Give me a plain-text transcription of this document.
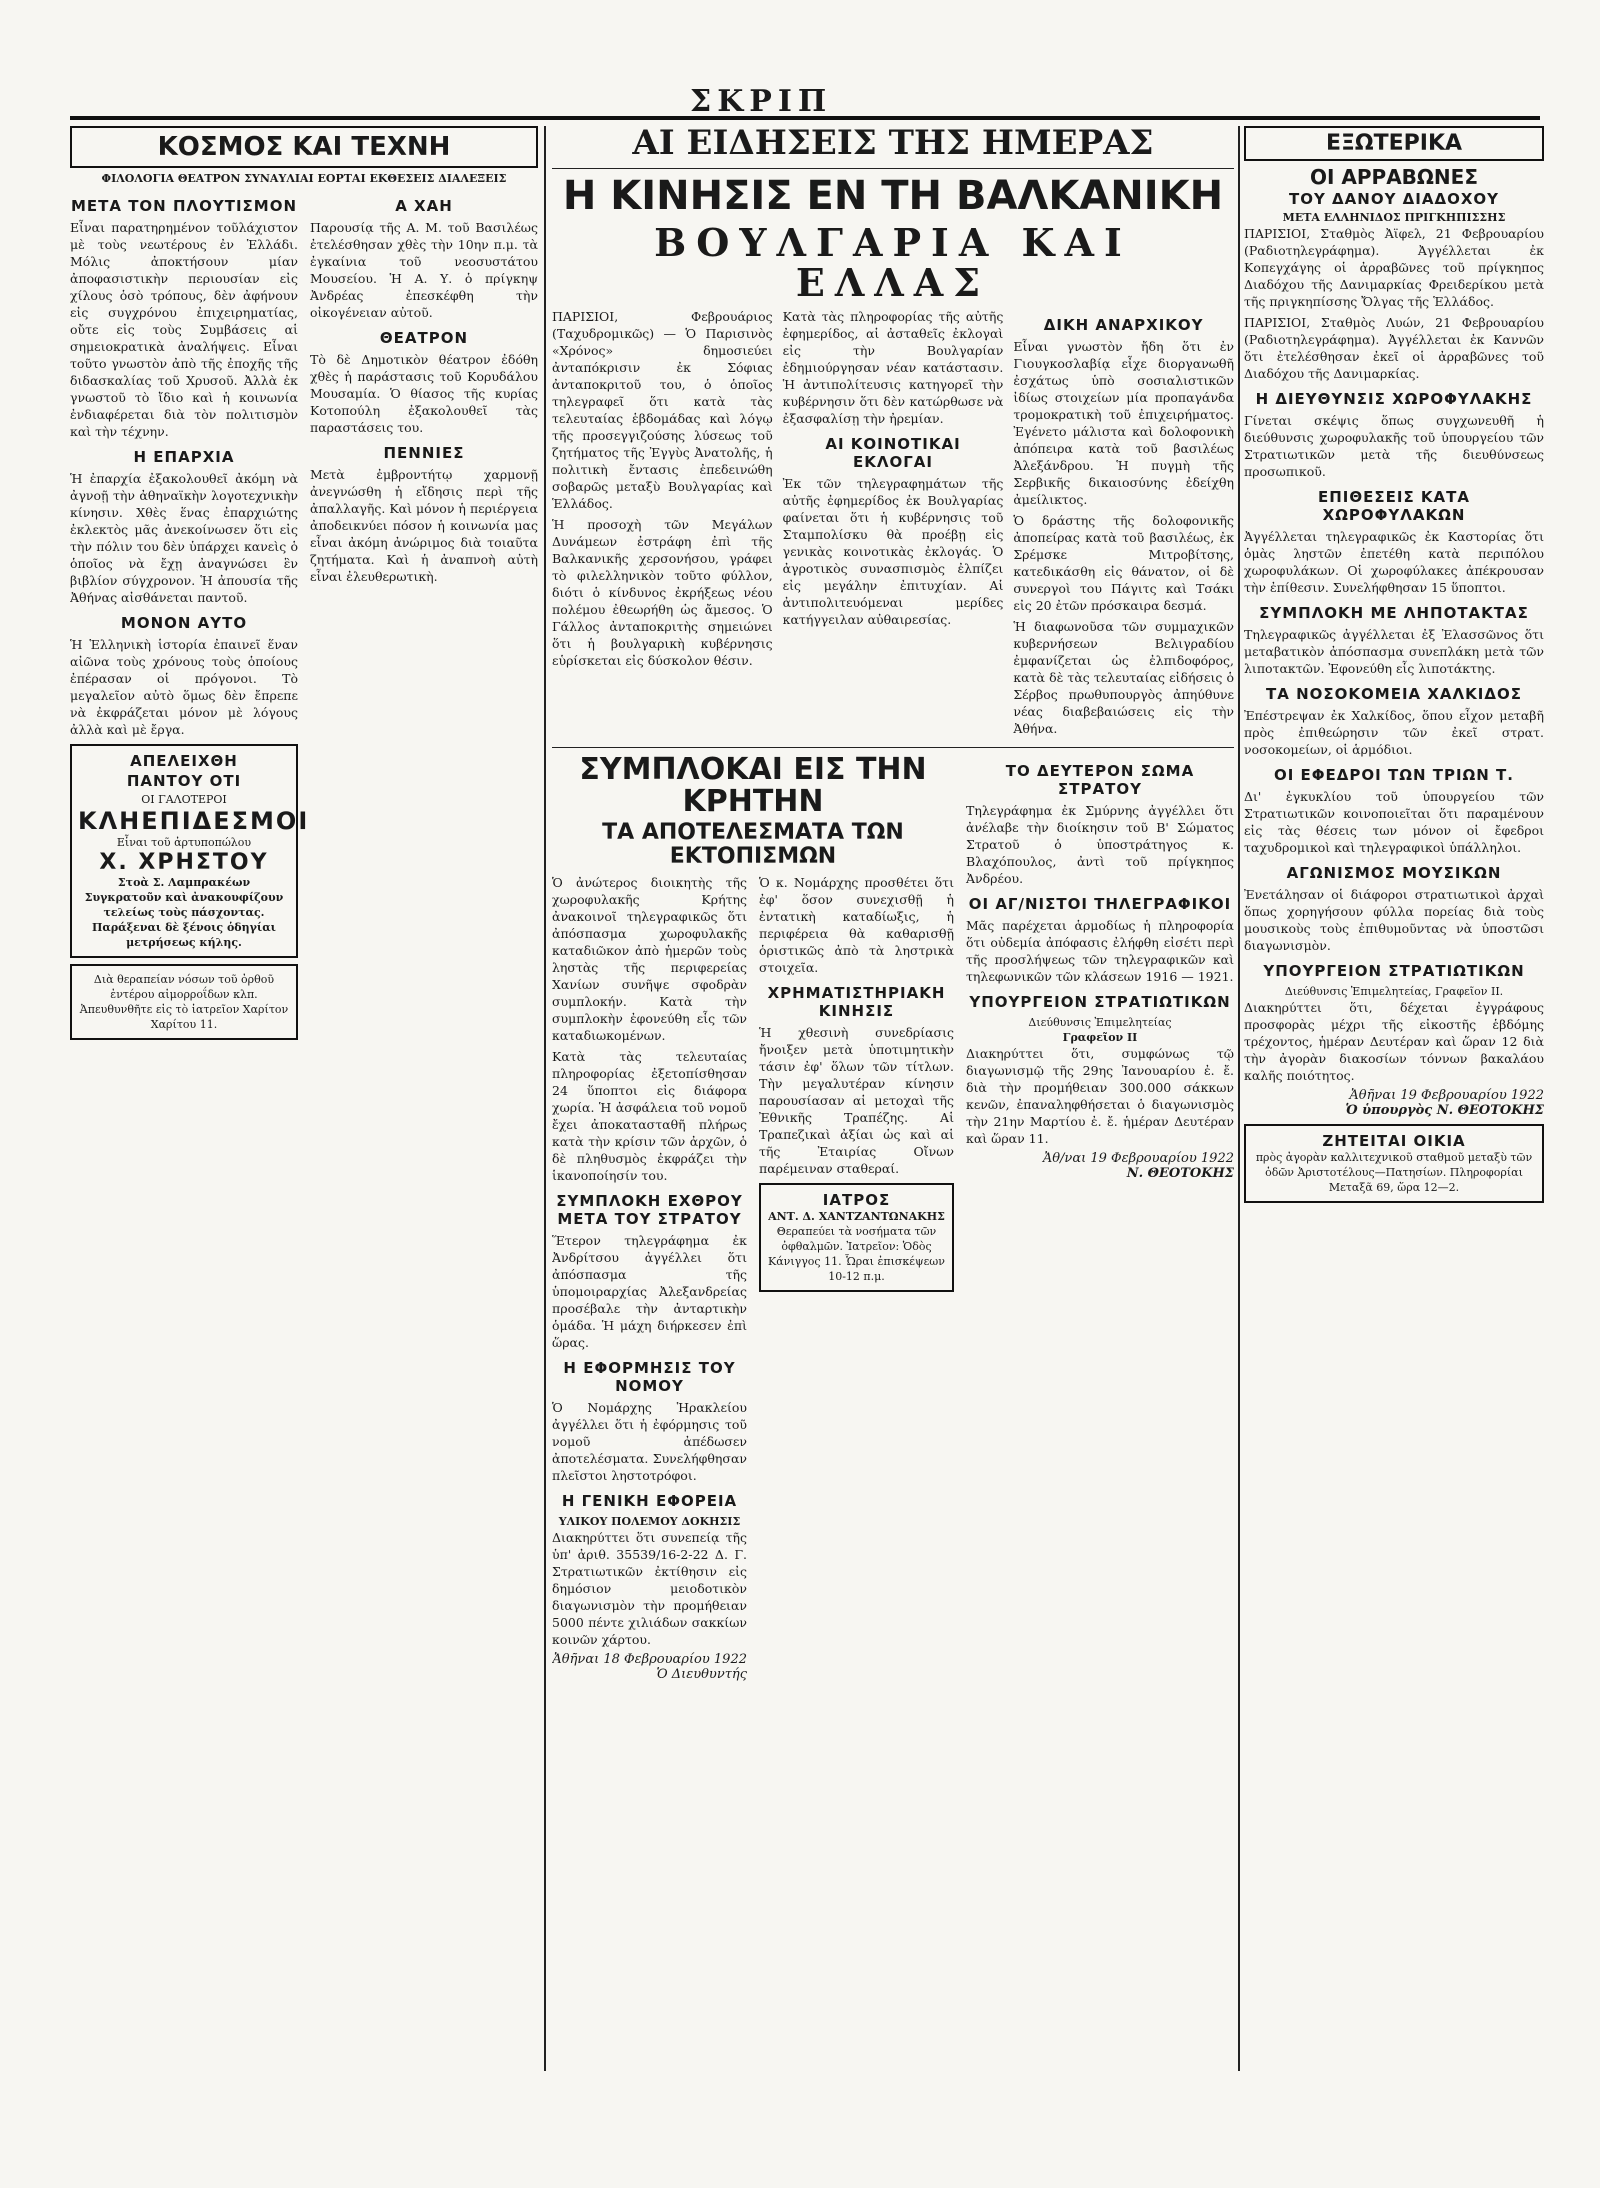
ΣΚΡΙΠ
ΚΟΣΜΟΣ ΚΑΙ ΤΕΧΝΗ
ΦΙΛΟΛΟΓΙΑ ΘΕΑΤΡΟΝ ΣΥΝΑΥΛΙΑΙ ΕΟΡΤΑΙ ΕΚΘΕΣΕΙΣ ΔΙΑΛΕΞΕΙΣ
ΜΕΤΑ ΤΟΝ ΠΛΟΥΤΙΣΜΟΝ

Εἶναι παρατηρημένον τοῦλάχιστον μὲ τοὺς νεωτέρους ἐν Ἑλλάδι. Μόλις ἀποκτήσουν μίαν ἀποφασιστικὴν περιουσίαν εἰς χίλους ὁσὸ τρόπους, δὲν ἀφήνουν εἰς συγχρόνου ἐπιχειρηματίας, οὔτε εἰς τοὺς Συμβάσεις αἱ σημειοκρατικὰ ἀναλήψεις. Εἶναι τοῦτο γνωστὸν ἀπὸ τῆς ἐποχῆς τῆς διδασκαλίας τοῦ Χρυσοῦ. Ἀλλὰ ἐκ γνωστοῦ τὸ ἴδιο καὶ ἡ κοινωνία ἐνδιαφέρεται διὰ τὸν πολιτισμὸν καὶ τὴν τέχνην.

Η ΕΠΑΡΧΙΑ

Ἡ ἐπαρχία ἐξακολουθεῖ ἀκόμη νὰ ἀγνοῇ τὴν ἀθηναϊκὴν λογοτεχνικὴν κίνησιν. Χθὲς ἕνας ἐπαρχιώτης ἐκλεκτὸς μᾶς ἀνεκοίνωσεν ὅτι εἰς τὴν πόλιν του δὲν ὑπάρχει κανεὶς ὁ ὁποῖος νὰ ἔχῃ ἀναγνώσει ἓν βιβλίον σύγχρονον. Ἡ ἀπουσία τῆς Ἀθήνας αἰσθάνεται παντοῦ.

ΜΟΝΟΝ ΑΥΤΟ

Ἡ Ἑλληνικὴ ἱστορία ἐπαινεῖ ἕναν αἰῶνα τοὺς χρόνους τοὺς ὁποίους ἐπέρασαν οἱ πρόγονοι. Τὸ μεγαλεῖον αὐτὸ ὅμως δὲν ἔπρεπε νὰ ἐκφράζεται μόνον μὲ λόγους ἀλλὰ καὶ μὲ ἔργα.

ΑΠΕΛΕΙΧΘΗ
ΠΑΝΤΟΥ ΟΤΙ
ΟΙ ΓΑΛΟΤΕΡΟΙ
ΚΛΗΕΠΙΔΕΣΜΟΙ
Εἶναι τοῦ ἀρτυποπώλου
Χ. ΧΡΗΣΤΟΥ
Στοὰ Σ. Λαμπρακέων
Συγκρατοῦν καὶ ἀνακουφίζουν τελείως τοὺς πάσχοντας. Παράξεναι δὲ ξένοις ὁδηγίαι μετρήσεως κήλης.
Διὰ θεραπείαν νόσων τοῦ ὀρθοῦ ἐντέρου αἱμορροΐδων κλπ. Ἀπευθυνθῆτε εἰς τὸ ἰατρεῖον Χαρίτον Χαρίτου 11.
Α ΧΑΗ

Παρουσίᾳ τῆς Α. Μ. τοῦ Βασιλέως ἐτελέσθησαν χθὲς τὴν 10ην π.μ. τὰ ἐγκαίνια τοῦ νεοσυστάτου Μουσείου. Ἡ Α. Υ. ὁ πρίγκηψ Ἀνδρέας ἐπεσκέφθη τὴν οἰκογένειαν αὐτοῦ.

ΘΕΑΤΡΟΝ

Τὸ δὲ Δημοτικὸν θέατρον ἐδόθη χθὲς ἡ παράστασις τοῦ Κορυδάλου Μουσαμία. Ὁ θίασος τῆς κυρίας Κοτοπούλη ἐξακολουθεῖ τὰς παραστάσεις του.

ΠΕΝΝΙΕΣ

Μετὰ ἐμβροντήτῳ χαρμονῇ ἀνεγνώσθη ἡ εἴδησις περὶ τῆς ἀπαλλαγῆς. Καὶ μόνον ἡ περιέργεια ἀποδεικνύει πόσον ἡ κοινωνία μας εἶναι ἀκόμη ἀνώριμος διὰ τοιαῦτα ζητήματα. Καὶ ἡ ἀναπνοὴ αὐτὴ εἶναι ἐλευθερωτικὴ.

ΑΙ ΕΙΔΗΣΕΙΣ ΤΗΣ ΗΜΕΡΑΣ
Η ΚΙΝΗΣΙΣ ΕΝ ΤΗ ΒΑΛΚΑΝΙΚΗ
ΒΟΥΛΓΑΡΙΑ ΚΑΙ ΕΛΛΑΣ

ΠΑΡΙΣΙΟΙ, Φεβρουάριος (Ταχυδρομικῶς) — Ὁ Παρισινὸς «Χρόνος» δημοσιεύει ἀνταπόκρισιν ἐκ Σόφιας ἀνταποκριτοῦ του, ὁ ὁποῖος τηλεγραφεῖ ὅτι κατὰ τὰς τελευταίας ἑβδομάδας καὶ λόγῳ τῆς προσεγγιζούσης λύσεως τοῦ ζητήματος τῆς Ἐγγὺς Ἀνατολῆς, ἡ πολιτικὴ ἔντασις ἐπεδεινώθη σοβαρῶς μεταξὺ Βουλγαρίας καὶ Ἑλλάδος.

Ἡ προσοχὴ τῶν Μεγάλων Δυνάμεων ἐστράφη ἐπὶ τῆς Βαλκανικῆς χερσονήσου, γράφει τὸ φιλελληνικὸν τοῦτο φύλλον, διότι ὁ κίνδυνος ἐκρήξεως νέου πολέμου ἐθεωρήθη ὡς ἄμεσος. Ὁ Γάλλος ἀνταποκριτὴς σημειώνει ὅτι ἡ βουλγαρικὴ κυβέρνησις εὑρίσκεται εἰς δύσκολον θέσιν.

Κατὰ τὰς πληροφορίας τῆς αὐτῆς ἐφημερίδος, αἱ ἀσταθεῖς ἐκλογαὶ εἰς τὴν Βουλγαρίαν ἐδημιούργησαν νέαν κατάστασιν. Ἡ ἀντιπολίτευσις κατηγορεῖ τὴν κυβέρνησιν ὅτι δὲν κατώρθωσε νὰ ἐξασφαλίσῃ τὴν ἠρεμίαν.

ΑΙ ΚΟΙΝΟΤΙΚΑΙ ΕΚΛΟΓΑΙ

Ἐκ τῶν τηλεγραφημάτων τῆς αὐτῆς ἐφημερίδος ἐκ Βουλγαρίας φαίνεται ὅτι ἡ κυβέρνησις τοῦ Σταμπολίσκυ θὰ προέβῃ εἰς γενικὰς κοινοτικὰς ἐκλογάς. Ὁ ἀγροτικὸς συνασπισμὸς ἐλπίζει εἰς μεγάλην ἐπιτυχίαν. Αἱ ἀντιπολιτευόμεναι μερίδες κατήγγειλαν αὐθαιρεσίας.

ΔΙΚΗ ΑΝΑΡΧΙΚΟΥ

Εἶναι γνωστὸν ἤδη ὅτι ἐν Γιουγκοσλαβίᾳ εἶχε διοργανωθῆ ἐσχάτως ὑπὸ σοσιαλιστικῶν ἰδίως στοιχείων μία προπαγάνδα τρομοκρατικὴ τοῦ ἐπιχειρήματος. Ἐγένετο μάλιστα καὶ δολοφονικὴ ἀπόπειρα κατὰ τοῦ βασιλέως Ἀλεξάνδρου. Ἡ πυγμὴ τῆς Σερβικῆς δικαιοσύνης ἐδείχθη ἀμείλικτος.

Ὁ δράστης τῆς δολοφονικῆς ἀποπείρας κατὰ τοῦ βασιλέως, ἐκ Σρέμσκε Μιτροβίτσης, κατεδικάσθη εἰς θάνατον, οἱ δὲ συνεργοὶ του Πάγιτς καὶ Τσάκι εἰς 20 ἐτῶν πρόσκαιρα δεσμά.

Ἡ διαφωνοῦσα τῶν συμμαχικῶν κυβερνήσεων Βελιγραδίου ἐμφανίζεται ὡς ἐλπιδοφόρος, κατὰ δὲ τὰς τελευταίας εἰδήσεις ὁ Σέρβος πρωθυπουργὸς ἀπηύθυνε νέας διαβεβαιώσεις εἰς τὴν Ἀθήνα.

ΣΥΜΠΛΟΚΑΙ ΕΙΣ ΤΗΝ ΚΡΗΤΗΝ
ΤΑ ΑΠΟΤΕΛΕΣΜΑΤΑ ΤΩΝ ΕΚΤΟΠΙΣΜΩΝ

Ὁ ἀνώτερος διοικητὴς τῆς χωροφυλακῆς Κρήτης ἀνακοινοῖ τηλεγραφικῶς ὅτι ἀπόσπασμα χωροφυλακῆς καταδιῶκον ἀπὸ ἡμερῶν τοὺς ληστὰς τῆς περιφερείας Χανίων συνῆψε σφοδρὰν συμπλοκήν. Κατὰ τὴν συμπλοκὴν ἐφονεύθη εἷς τῶν καταδιωκομένων.

Κατὰ τὰς τελευταίας πληροφορίας ἐξετοπίσθησαν 24 ὕποπτοι εἰς διάφορα χωρία. Ἡ ἀσφάλεια τοῦ νομοῦ ἔχει ἀποκατασταθῆ πλήρως κατὰ τὴν κρίσιν τῶν ἀρχῶν, ὁ δὲ πληθυσμὸς ἐκφράζει τὴν ἱκανοποίησίν του.

ΣΥΜΠΛΟΚΗ ΕΧΘΡΟΥ ΜΕΤΑ ΤΟΥ ΣΤΡΑΤΟΥ

Ἕτερον τηλεγράφημα ἐκ Ἀνδρίτσου ἀγγέλλει ὅτι ἀπόσπασμα τῆς ὑπομοιραρχίας Ἀλεξανδρείας προσέβαλε τὴν ἀνταρτικὴν ὁμάδα. Ἡ μάχη διήρκεσεν ἐπὶ ὥρας.

Η ΕΦΟΡΜΗΣΙΣ ΤΟΥ ΝΟΜΟΥ

Ὁ Νομάρχης Ἡρακλείου ἀγγέλλει ὅτι ἡ ἐφόρμησις τοῦ νομοῦ ἀπέδωσεν ἀποτελέσματα. Συνελήφθησαν πλεῖστοι ληστοτρόφοι.

Η ΓΕΝΙΚΗ ΕΦΟΡΕΙΑ
ΥΛΙΚΟΥ ΠΟΛΕΜΟΥ ΔΟΚΗΣΙΣ

Διακηρύττει ὅτι συνεπείᾳ τῆς ὑπ' ἀριθ. 35539/16-2-22 Δ. Γ. Στρατιωτικῶν ἐκτίθησιν εἰς δημόσιον μειοδοτικὸν διαγωνισμὸν τὴν προμήθειαν 5000 πέντε χιλιάδων σακκίων κοινῶν χάρτου.

Ἀθῆναι 18 Φεβρουαρίου 1922
Ὁ Διευθυντής

Ὁ κ. Νομάρχης προσθέτει ὅτι ἐφ' ὅσον συνεχισθῇ ἡ ἐντατικὴ καταδίωξις, ἡ περιφέρεια θὰ καθαρισθῇ ὁριστικῶς ἀπὸ τὰ ληστρικὰ στοιχεῖα.

ΧΡΗΜΑΤΙΣΤΗΡΙΑΚΗ ΚΙΝΗΣΙΣ

Ἡ χθεσινὴ συνεδρίασις ἤνοιξεν μετὰ ὑποτιμητικὴν τάσιν ἐφ' ὅλων τῶν τίτλων. Τὴν μεγαλυτέραν κίνησιν παρουσίασαν αἱ μετοχαὶ τῆς Ἐθνικῆς Τραπέζης. Αἱ Τραπεζικαὶ ἀξίαι ὡς καὶ αἱ τῆς Ἐταιρίας Οἴνων παρέμειναν σταθεραί.

ΙΑΤΡΟΣ
ΑΝΤ. Δ. ΧΑΝΤΖΑΝΤΩΝΑΚΗΣ
Θεραπεύει τὰ νοσήματα τῶν ὀφθαλμῶν. Ἰατρεῖον: Ὁδὸς Κάνιγγος 11. Ὧραι ἐπισκέψεων 10-12 π.μ.
ΤΟ ΔΕΥΤΕΡΟΝ ΣΩΜΑ ΣΤΡΑΤΟΥ

Τηλεγράφημα ἐκ Σμύρνης ἀγγέλλει ὅτι ἀνέλαβε τὴν διοίκησιν τοῦ Β' Σώματος Στρατοῦ ὁ ὑποστράτηγος κ. Βλαχόπουλος, ἀντὶ τοῦ πρίγκηπος Ἀνδρέου.

ΟΙ ΑΓ/ΝΙΣΤΟΙ ΤΗΛΕΓΡΑΦΙΚΟΙ

Μᾶς παρέχεται ἁρμοδίως ἡ πληροφορία ὅτι οὐδεμία ἀπόφασις ἐλήφθη εἰσέτι περὶ τῆς προσλήψεως τῶν τηλεγραφικῶν καὶ τηλεφωνικῶν τῶν κλάσεων 1916 — 1921.

ΥΠΟΥΡΓΕΙΟΝ ΣΤΡΑΤΙΩΤΙΚΩΝ
Διεύθυνσις Ἐπιμελητείας
Γραφεῖον II

Διακηρύττει ὅτι, συμφώνως τῷ διαγωνισμῷ τῆς 29ης Ἰανουαρίου ἐ. ἔ. διὰ τὴν προμήθειαν 300.000 σάκκων κενῶν, ἐπαναληφθήσεται ὁ διαγωνισμὸς τὴν 21ην Μαρτίου ἐ. ἔ. ἡμέραν Δευτέραν καὶ ὥραν 11.

Ἀθ/ναι 19 Φεβρουαρίου 1922
Ν. ΘΕΟΤΟΚΗΣ
ΕΞΩΤΕΡΙΚΑ
ΟΙ ΑΡΡΑΒΩΝΕΣ
ΤΟΥ ΔΑΝΟΥ ΔΙΑΔΟΧΟΥ
ΜΕΤΑ ΕΛΛΗΝΙΔΟΣ ΠΡΙΓΚΗΠΙΣΣΗΣ

ΠΑΡΙΣΙΟΙ, Σταθμὸς Ἀϊφελ, 21 Φεβρουαρίου (Ραδιοτηλεγράφημα). Ἀγγέλλεται ἐκ Κοπεγχάγης οἱ ἀρραβῶνες τοῦ πρίγκηπος Διαδόχου τῆς Δανιμαρκίας Φρειδερίκου μετὰ τῆς πριγκηπίσσης Ὄλγας τῆς Ἑλλάδος.

ΠΑΡΙΣΙΟΙ, Σταθμὸς Λυών, 21 Φεβρουαρίου (Ραδιοτηλεγράφημα). Ἀγγέλλεται ἐκ Καννῶν ὅτι ἐτελέσθησαν ἐκεῖ οἱ ἀρραβῶνες τοῦ Διαδόχου τῆς Δανιμαρκίας.

Η ΔΙΕΥΘΥΝΣΙΣ ΧΩΡΟΦΥΛΑΚΗΣ

Γίνεται σκέψις ὅπως συγχωνευθῆ ἡ διεύθυνσις χωροφυλακῆς τοῦ ὑπουργείου τῶν Στρατιωτικῶν μετὰ τῆς διευθύνσεως προσωπικοῦ.

ΕΠΙΘΕΣΕΙΣ ΚΑΤΑ ΧΩΡΟΦΥΛΑΚΩΝ

Ἀγγέλλεται τηλεγραφικῶς ἐκ Καστορίας ὅτι ὁμὰς ληστῶν ἐπετέθη κατὰ περιπόλου χωροφυλάκων. Οἱ χωροφύλακες ἀπέκρουσαν τὴν ἐπίθεσιν. Συνελήφθησαν 15 ὕποπτοι.

ΣΥΜΠΛΟΚΗ ΜΕ ΛΗΠΟΤΑΚΤΑΣ

Τηλεγραφικῶς ἀγγέλλεται ἐξ Ἐλασσῶνος ὅτι μεταβατικὸν ἀπόσπασμα συνεπλάκη μετὰ τῶν λιποτακτῶν. Ἐφονεύθη εἷς λιποτάκτης.

ΤΑ ΝΟΣΟΚΟΜΕΙΑ ΧΑΛΚΙΔΟΣ

Ἐπέστρεψαν ἐκ Χαλκίδος, ὅπου εἶχον μεταβῆ πρὸς ἐπιθεώρησιν τῶν ἐκεῖ στρατ. νοσοκομείων, οἱ ἁρμόδιοι.

ΟΙ ΕΦΕΔΡΟΙ ΤΩΝ ΤΡΙΩΝ Τ.

Δι' ἐγκυκλίου τοῦ ὑπουργείου τῶν Στρατιωτικῶν κοινοποιεῖται ὅτι παραμένουν εἰς τὰς θέσεις των μόνον οἱ ἔφεδροι ταχυδρομικοὶ καὶ τηλεγραφικοὶ ὑπάλληλοι.

ΑΓΩΝΙΣΜΟΣ ΜΟΥΣΙΚΩΝ

Ἐνετάλησαν οἱ διάφοροι στρατιωτικοὶ ἀρχαὶ ὅπως χορηγήσουν φύλλα πορείας διὰ τοὺς μουσικοὺς τοὺς ἐπιθυμοῦντας νὰ ὑποστῶσι διαγωνισμὸν.

ΥΠΟΥΡΓΕΙΟΝ ΣΤΡΑΤΙΩΤΙΚΩΝ
Διεύθυνσις Ἐπιμελητείας, Γραφεῖον ΙΙ.

Διακηρύττει ὅτι, δέχεται ἐγγράφους προσφορὰς μέχρι τῆς εἰκοστῆς ἑβδόμης τρέχοντος, ἡμέραν Δευτέραν καὶ ὥραν 12 διὰ τὴν ἀγορὰν διακοσίων τόννων βακαλάου καλῆς ποιότητος.

Ἀθῆναι 19 Φεβρουαρίου 1922
Ὁ ὑπουργὸς Ν. ΘΕΟΤΟΚΗΣ
ΖΗΤΕΙΤΑΙ ΟΙΚΙΑ
πρὸς ἀγορὰν καλλιτεχνικοῦ σταθμοῦ μεταξὺ τῶν ὁδῶν Ἀριστοτέλους—Πατησίων. Πληροφορίαι Μεταξᾶ 69, ὥρα 12—2.
